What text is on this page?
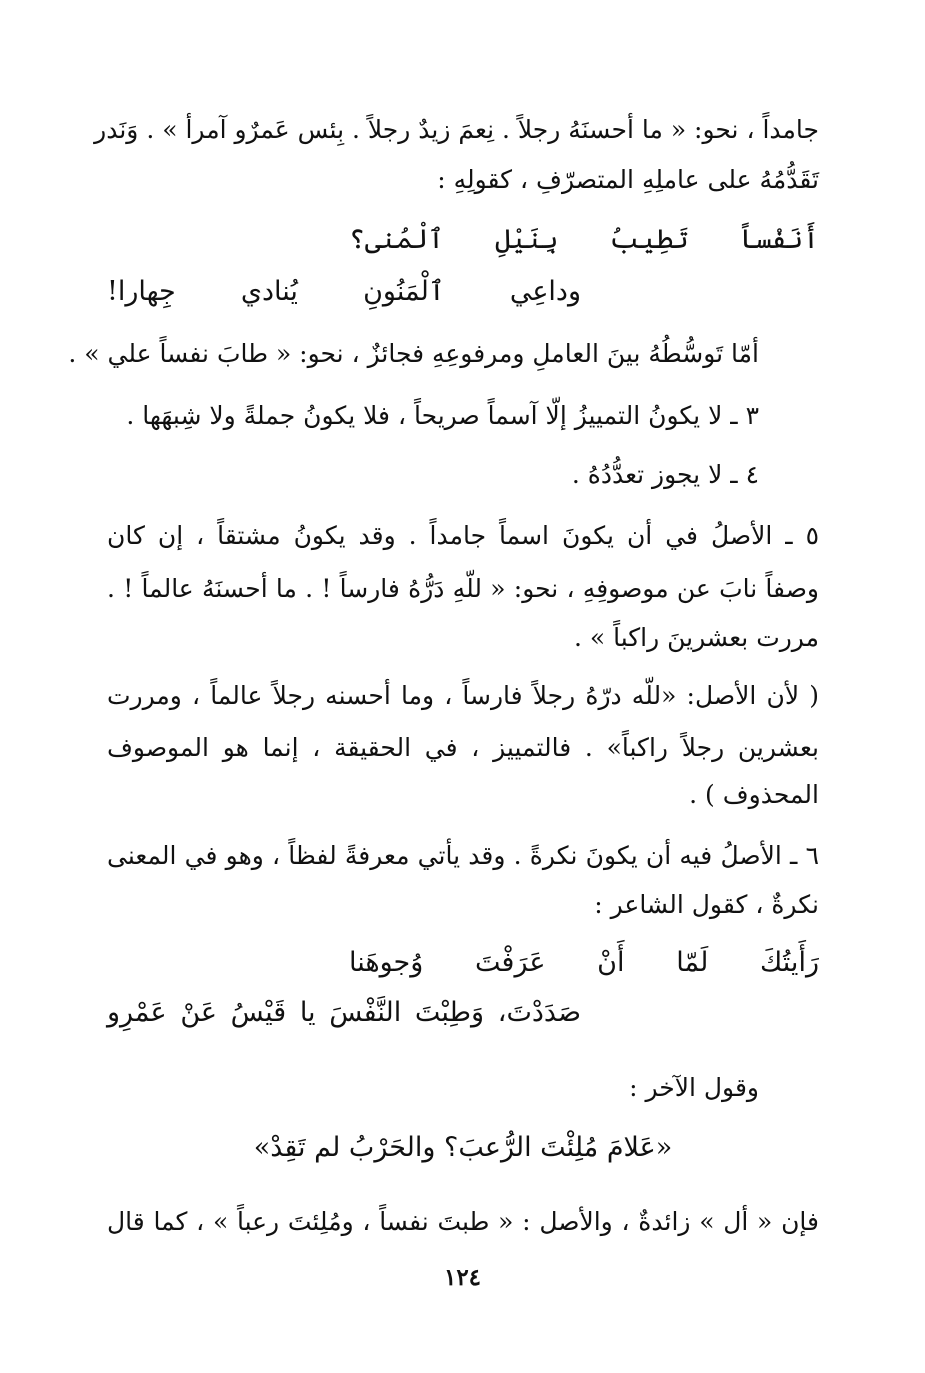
جامداً ، نحو: « ما أحسنَهُ رجلاً . نِعمَ زيدٌ رجلاً . بِئس عَمرٌو آمرأ » . وَنَدر
تَقَدُّمُهُ على عاملِهِ المتصرّفِ ، كقولِهِ :
أَنَفْساً تَطِيبُ بِنَيْلِ ٱلْمُنى؟
وداعِي ٱلْمَنُونِ يُنادي جِهارا!
أمّا تَوسُّطُهُ بينَ العاملِ ومرفوعِهِ فجائزٌ ، نحو: « طابَ نفساً علي » .
٣ ـ لا يكونُ التمييزُ إلّا آسماً صريحاً ، فلا يكونُ جملةً ولا شِبهَها .
٤ ـ لا يجوز تعدُّدُهُ .
٥ ـ الأصلُ في أن يكونَ اسماً جامداً . وقد يكونُ مشتقاً ، إن كان
وصفاً نابَ عن موصوفِهِ ، نحو: « للّهِ دَرُّهُ فارساً ! . ما أحسنَهُ عالماً ! .
مررت بعشرينَ راكباً » .
( لأن الأصل: «للّه درّهُ رجلاً فارساً ، وما أحسنه رجلاً عالماً ، ومررت
بعشرين رجلاً راكباً» . فالتمييز ، في الحقيقة ، إنما هو الموصوف
المحذوف ) .
٦ ـ الأصلُ فيه أن يكونَ نكرةً . وقد يأتي معرفةً لفظاً ، وهو في المعنى
نكرةٌ ، كقول الشاعر :
رَأَيتُكَ لَمّا أَنْ عَرَفْتَ وُجوهَنا
صَدَدْتَ، وَطِبْتَ النَّفْسَ يا قَيْسُ عَنْ عَمْرِو
وقول الآخر :
«عَلامَ مُلِئْتَ الرُّعبَ؟ والحَرْبُ لم تَقِدْ»
فإن « أل » زائدةٌ ، والأصل : « طبتَ نفساً ، ومُلِئتَ رعباً » ، كما قال
١٢٤
